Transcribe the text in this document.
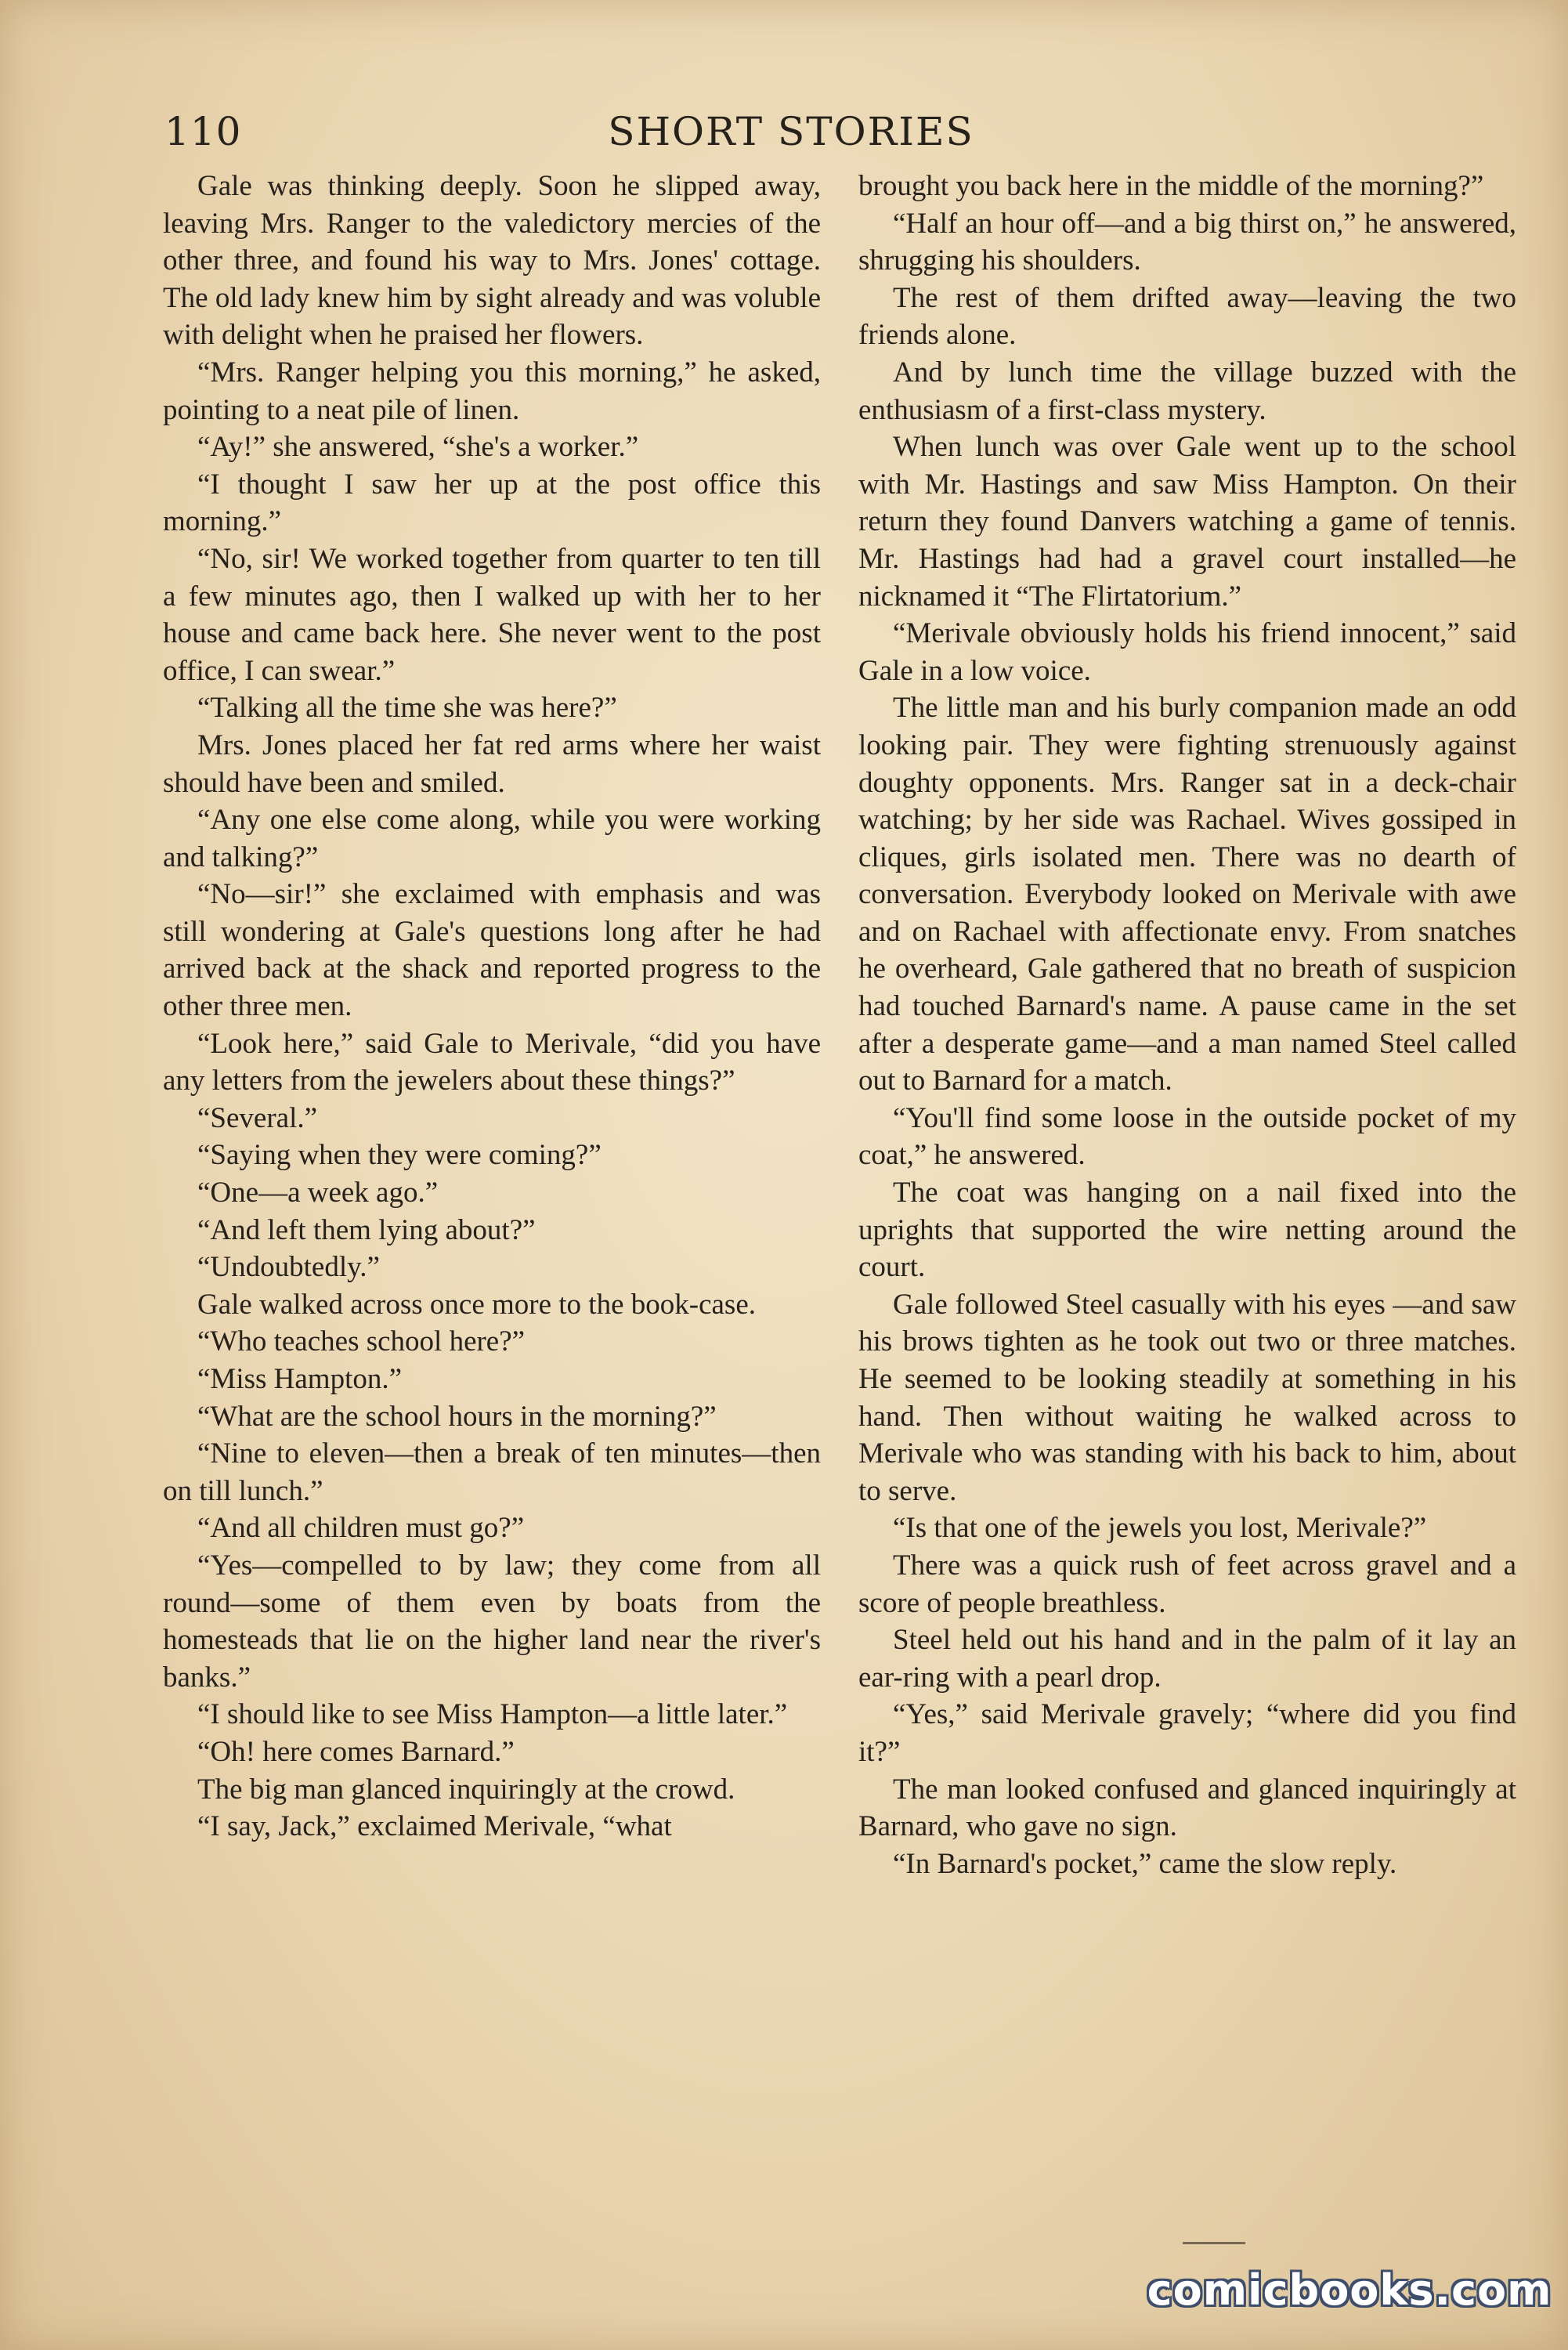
110	SHORT STORIES

Gale was thinking deeply. Soon he slipped away, leaving Mrs. Ranger to the valedictory mercies of the other three, and found his way to Mrs. Jones' cottage. The old lady knew him by sight already and was voluble with delight when he praised her flowers.

“Mrs. Ranger helping you this morning,” he asked, pointing to a neat pile of linen.

“Ay!” she answered, “she's a worker.”

“I thought I saw her up at the post office this morning.”

“No, sir! We worked together from quarter to ten till a few minutes ago, then I walked up with her to her house and came back here. She never went to the post office, I can swear.”

“Talking all the time she was here?”

Mrs. Jones placed her fat red arms where her waist should have been and smiled.

“Any one else come along, while you were working and talking?”

“No—sir!” she exclaimed with emphasis and was still wondering at Gale's questions long after he had arrived back at the shack and reported progress to the other three men.

“Look here,” said Gale to Merivale, “did you have any letters from the jewelers about these things?”

“Several.”

“Saying when they were coming?”

“One—a week ago.”

“And left them lying about?”

“Undoubtedly.”

Gale walked across once more to the book-case.

“Who teaches school here?”

“Miss Hampton.”

“What are the school hours in the morning?”

“Nine to eleven—then a break of ten minutes—then on till lunch.”

“And all children must go?”

“Yes—compelled to by law; they come from all round—some of them even by boats from the homesteads that lie on the higher land near the river's banks.”

“I should like to see Miss Hampton—a little later.”

“Oh! here comes Barnard.”

The big man glanced inquiringly at the crowd.

“I say, Jack,” exclaimed Merivale, “what

brought you back here in the middle of the morning?”

“Half an hour off—and a big thirst on,” he answered, shrugging his shoulders.

The rest of them drifted away—leaving the two friends alone.

And by lunch time the village buzzed with the enthusiasm of a first-class mystery.

When lunch was over Gale went up to the school with Mr. Hastings and saw Miss Hampton. On their return they found Danvers watching a game of tennis. Mr. Hastings had had a gravel court installed—he nicknamed it “The Flirtatorium.”

“Merivale obviously holds his friend innocent,” said Gale in a low voice.

The little man and his burly companion made an odd looking pair. They were fighting strenuously against doughty opponents. Mrs. Ranger sat in a deck-chair watching; by her side was Rachael. Wives gossiped in cliques, girls isolated men. There was no dearth of conversation. Everybody looked on Merivale with awe and on Rachael with affectionate envy. From snatches he overheard, Gale gathered that no breath of suspicion had touched Barnard's name. A pause came in the set after a desperate game—and a man named Steel called out to Barnard for a match.

“You'll find some loose in the outside pocket of my coat,” he answered.

The coat was hanging on a nail fixed into the uprights that supported the wire netting around the court.

Gale followed Steel casually with his eyes —and saw his brows tighten as he took out two or three matches. He seemed to be looking steadily at something in his hand. Then without waiting he walked across to Merivale who was standing with his back to him, about to serve.

“Is that one of the jewels you lost, Merivale?”

There was a quick rush of feet across gravel and a score of people breathless.

Steel held out his hand and in the palm of it lay an ear-ring with a pearl drop.

“Yes,” said Merivale gravely; “where did you find it?”

The man looked confused and glanced inquiringly at Barnard, who gave no sign.

“In Barnard's pocket,” came the slow reply.

comicbooks.com
